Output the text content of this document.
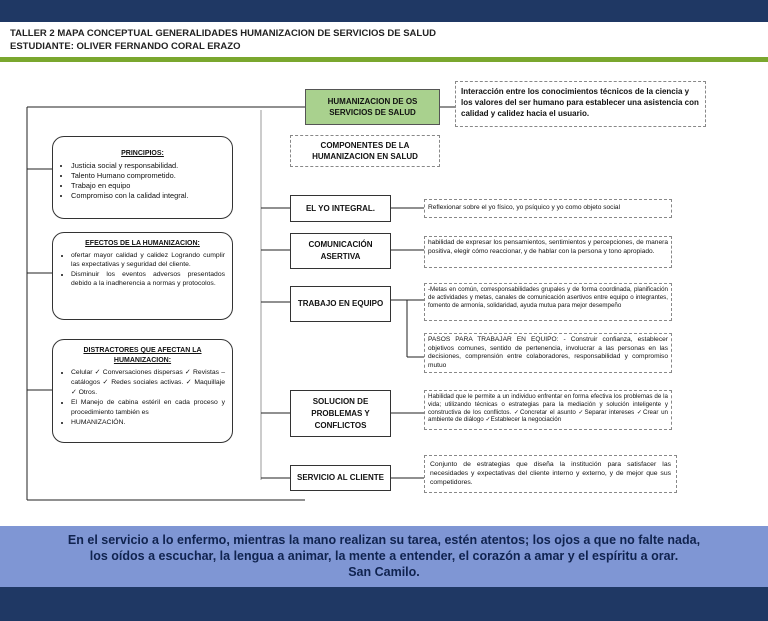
TALLER 2 MAPA CONCEPTUAL GENERALIDADES HUMANIZACION DE SERVICIOS DE SALUD
ESTUDIANTE: OLIVER FERNANDO CORAL ERAZO
HUMANIZACION DE OS SERVICIOS DE SALUD
Interacción entre los conocimientos técnicos de la ciencia y los valores del ser humano para establecer una asistencia con calidad y calidez hacia el usuario.
COMPONENTES DE LA HUMANIZACION EN SALUD
PRINCIPIOS:
• Justicia social y responsabilidad.
• Talento Humano comprometido.
• Trabajo en equipo
• Compromiso con la calidad integral.
EFECTOS DE LA HUMANIZACION:
• ofertar mayor calidad y calidez Logrando cumplir las expectativas y seguridad del cliente.
• Disminuir los eventos adversos presentados debido a la inadherencia a normas y protocolos.
DISTRACTORES QUE AFECTAN LA HUMANIZACION:
• Celular ✓ Conversaciones dispersas ✓ Revistas – catálogos ✓ Redes sociales activas. ✓ Maquillaje ✓ Otros.
• El Manejo de cabina estéril en cada proceso y procedimiento también es
• HUMANIZACIÓN.
EL YO INTEGRAL.
COMUNICACIÓN ASERTIVA
TRABAJO EN EQUIPO
SOLUCION DE PROBLEMAS Y CONFLICTOS
SERVICIO AL CLIENTE
Reflexionar sobre el yo físico, yo psíquico y yo como objeto social
habilidad de expresar los pensamientos, sentimientos y percepciones, de manera positiva, elegir cómo reaccionar, y de hablar con la persona y tono apropiado.
-Metas en común, corresponsabilidades grupales y de forma coordinada, planificación de actividades y metas, canales de comunicación asertivos entre equipo o integrantes, fomento de armonía, solidaridad, ayuda mutua para mejor desempeño
PASOS PARA TRABAJAR EN EQUIPO: - Construir confianza, establecer objetivos comunes, sentido de pertenencia, involucrar a las personas en las decisiones, comprensión entre colaboradores, responsabilidad y compromiso mutuo
Habilidad que le permite a un individuo enfrentar en forma efectiva los problemas de la vida; utilizando técnicas o estrategias para la mediación y solución inteligente y constructiva de los conflictos. ✓Concretar el asunto ✓Separar intereses ✓Crear un ambiente de diálogo ✓Establecer la negociación
Conjunto de estrategias que diseña la institución para satisfacer las necesidades y expectativas del cliente interno y externo, y de mejor que sus competidores.
En el servicio a lo enfermo, mientras la mano realizan su tarea, estén atentos; los ojos a que no falte nada,
los oídos a escuchar, la lengua a animar, la mente a entender, el corazón a amar y el espíritu a orar.
San Camilo.
